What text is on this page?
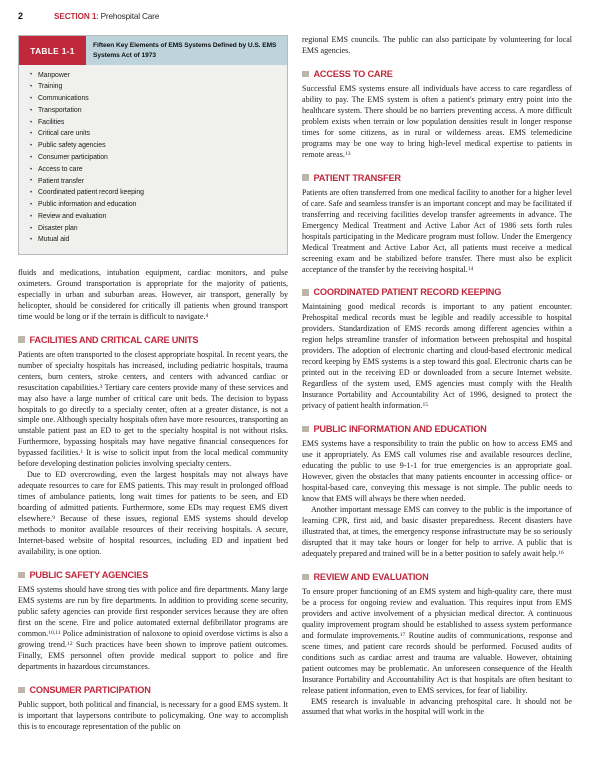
2	SECTION 1: Prehospital Care
TABLE 1-1
Fifteen Key Elements of EMS Systems Defined by U.S. EMS Systems Act of 1973
• Manpower
• Training
• Communications
• Transportation
• Facilities
• Critical care units
• Public safety agencies
• Consumer participation
• Access to care
• Patient transfer
• Coordinated patient record keeping
• Public information and education
• Review and evaluation
• Disaster plan
• Mutual aid

fluids and medications, intubation equipment, cardiac monitors, and pulse oximeters. Ground transportation is appropriate for the majority of patients, especially in urban and suburban areas. However, air transport, generally by helicopter, should be considered for critically ill patients when ground transport time would be long or if the terrain is difficult to navigate.$^4$

FACILITIES AND CRITICAL CARE UNITS

Patients are often transported to the closest appropriate hospital. In recent years, the number of specialty hospitals has increased, including pediatric hospitals, trauma centers, burn centers, stroke centers, and centers with advanced cardiac or resuscitation capabilities.$^3$ Tertiary care centers provide many of these services and may also have a large number of critical care unit beds. The decision to bypass hospitals to go directly to a specialty center, often at a greater distance, is not a simple one. Although specialty hospitals often have more resources, transporting an unstable patient past an ED to get to the specialty hospital is not without risks. Furthermore, bypassing hospitals may have negative financial consequences for bypassed facilities.$^1$ It is wise to solicit input from the local medical community before developing destination policies involving specialty centers.

Due to ED overcrowding, even the largest hospitals may not always have adequate resources to care for EMS patients. This may result in prolonged offload times of ambulance patients, long wait times for patients to be seen, and ED boarding of admitted patients. Furthermore, some EDs may request EMS divert elsewhere.$^9$ Because of these issues, regional EMS systems should develop methods to monitor available resources of their receiving hospitals. A secure, Internet-based website of hospital resources, including ED and inpatient bed availability, is one option.

PUBLIC SAFETY AGENCIES

EMS systems should have strong ties with police and fire departments. Many large EMS systems are run by fire departments. In addition to providing scene security, public safety agencies can provide first responder services because they are often first on the scene. Fire and police automated external defibrillator programs are common.$^{10,11}$ Police administration of naloxone to opioid overdose victims is also a growing trend.$^{12}$ Such practices have been shown to improve patient outcomes. Finally, EMS personnel often provide medical support to police and fire departments in hazardous circumstances.

CONSUMER PARTICIPATION

Public support, both political and financial, is necessary for a good EMS system. It is important that laypersons contribute to policymaking. One way to accomplish this is to encourage representation of the public on

regional EMS councils. The public can also participate by volunteering for local EMS agencies.

ACCESS TO CARE

Successful EMS systems ensure all individuals have access to care regardless of ability to pay. The EMS system is often a patient's primary entry point into the healthcare system. There should be no barriers preventing access. A more difficult problem exists when terrain or low population densities result in longer response times for some citizens, as in rural or wilderness areas. EMS telemedicine programs may be one way to bring high-level medical expertise to patients in remote areas.$^{13}$

PATIENT TRANSFER

Patients are often transferred from one medical facility to another for a higher level of care. Safe and seamless transfer is an important concept and may be facilitated if transferring and receiving facilities develop transfer agreements in advance. The Emergency Medical Treatment and Active Labor Act of 1986 sets forth rules hospitals participating in the Medicare program must follow. Under the Emergency Medical Treatment and Active Labor Act, all patients must receive a medical screening exam and be stabilized before transfer. There must also be explicit acceptance of the transfer by the receiving hospital.$^{14}$

COORDINATED PATIENT RECORD KEEPING

Maintaining good medical records is important to any patient encounter. Prehospital medical records must be legible and readily accessible to hospital providers. Standardization of EMS records among different agencies within a region helps streamline transfer of information between prehospital and hospital providers. The adoption of electronic charting and cloud-based electronic medical record keeping by EMS systems is a step toward this goal. Electronic charts can be printed out in the receiving ED or downloaded from a secure Internet website. Regardless of the system used, EMS agencies must comply with the Health Insurance Portability and Accountability Act of 1996, designed to protect the privacy of patient health information.$^{15}$

PUBLIC INFORMATION AND EDUCATION

EMS systems have a responsibility to train the public on how to access EMS and use it appropriately. As EMS call volumes rise and available resources decline, educating the public to use 9-1-1 for true emergencies is an appropriate goal. However, given the obstacles that many patients encounter in accessing office- or hospital-based care, conveying this message is not simple. The public needs to know that EMS will always be there when needed.

Another important message EMS can convey to the public is the importance of learning CPR, first aid, and basic disaster preparedness. Recent disasters have illustrated that, at times, the emergency response infrastructure may be so seriously disrupted that it may take hours or longer for help to arrive. A public that is adequately prepared and trained will be in a better position to safely await help.$^{16}$

REVIEW AND EVALUATION

To ensure proper functioning of an EMS system and high-quality care, there must be a process for ongoing review and evaluation. This requires input from EMS providers and active involvement of a physician medical director. A continuous quality improvement program should be established to assess system performance and formulate improvements.$^{17}$ Routine audits of communications, response and scene times, and patient care records should be performed. Focused audits of conditions such as cardiac arrest and trauma are valuable. However, obtaining patient outcomes may be problematic. An unforeseen consequence of the Health Insurance Portability and Accountability Act is that hospitals are often hesitant to release patient information, even to EMS services, for fear of liability.

EMS research is invaluable in advancing prehospital care. It should not be assumed that what works in the hospital will work in the
